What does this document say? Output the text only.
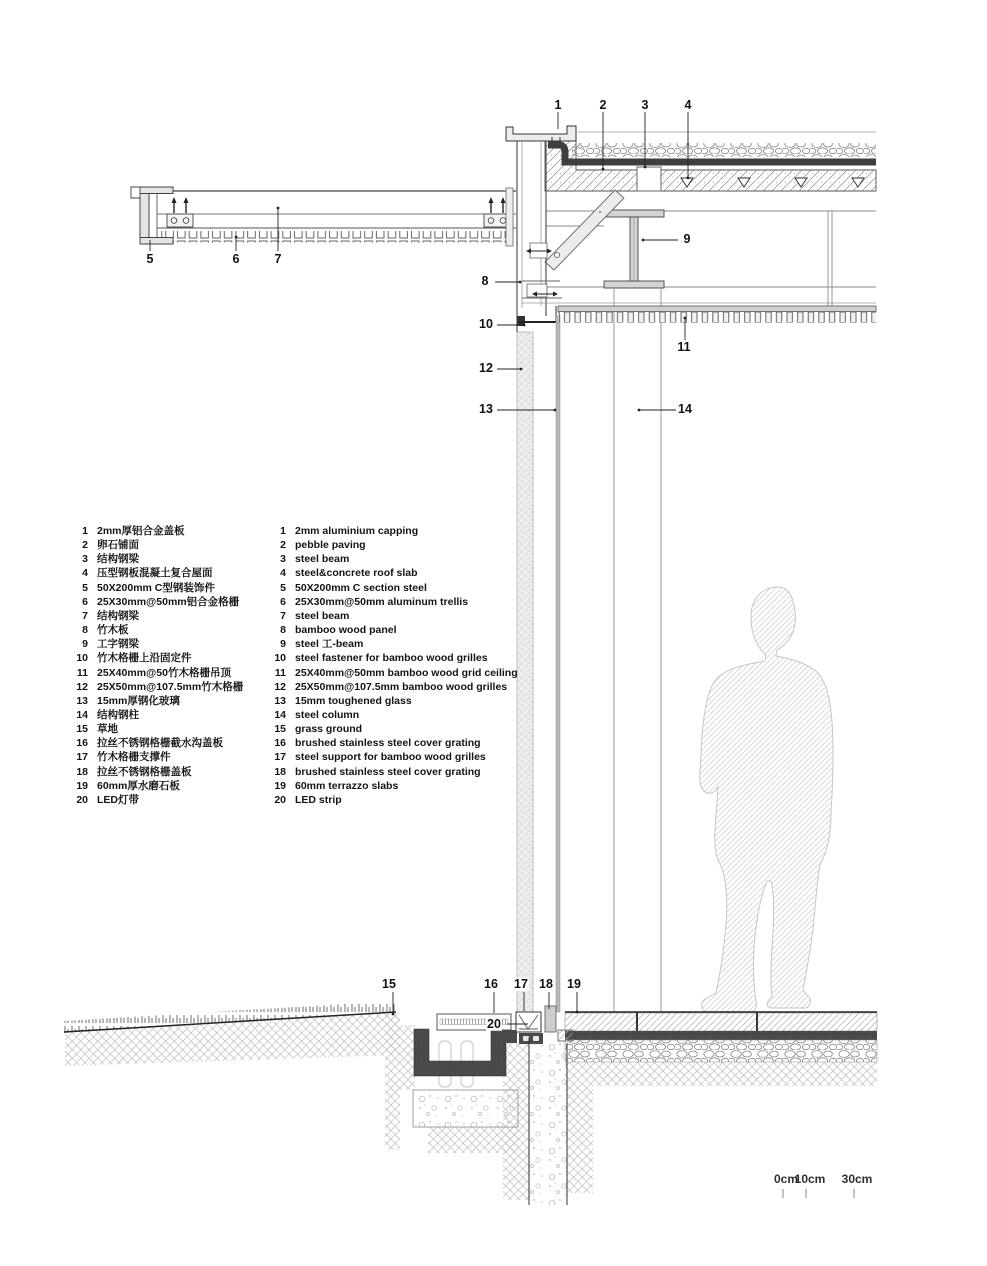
1	2	3	4
5	6	7
8
9
10
11
12
13	14
15	16 17 18 19
20
1 2mm厚铝合金盖板
2 卵石铺面
3 结构钢梁
4 压型钢板混凝土复合屋面
5 50X200mm C型钢装饰件
6 25X30mm@50mm铝合金格栅
7 结构钢梁
8 竹木板
9 工字钢梁
10 竹木格栅上沿固定件
11 25X40mm@50竹木格栅吊顶
12 25X50mm@107.5mm竹木格栅
13 15mm厚钢化玻璃
14 结构钢柱
15 草地
16 拉丝不锈钢格栅截水沟盖板
17 竹木格栅支撑件
18 拉丝不锈钢格栅盖板
19 60mm厚水磨石板
20 LED灯带
1 2mm aluminium capping
2 pebble paving
3 steel beam
4 steel&concrete roof slab
5 50X200mm C section steel
6 25X30mm@50mm aluminum trellis
7 steel beam
8 bamboo wood panel
9 steel 工-beam
10 steel fastener for bamboo wood grilles
11 25X40mm@50mm bamboo wood grid ceiling
12 25X50mm@107.5mm bamboo wood grilles
13 15mm toughened glass
14 steel column
15 grass ground
16 brushed stainless steel cover grating
17 steel support for bamboo wood grilles
18 brushed stainless steel cover grating
19 60mm terrazzo slabs
20 LED strip
0cm
10cm 30cm
